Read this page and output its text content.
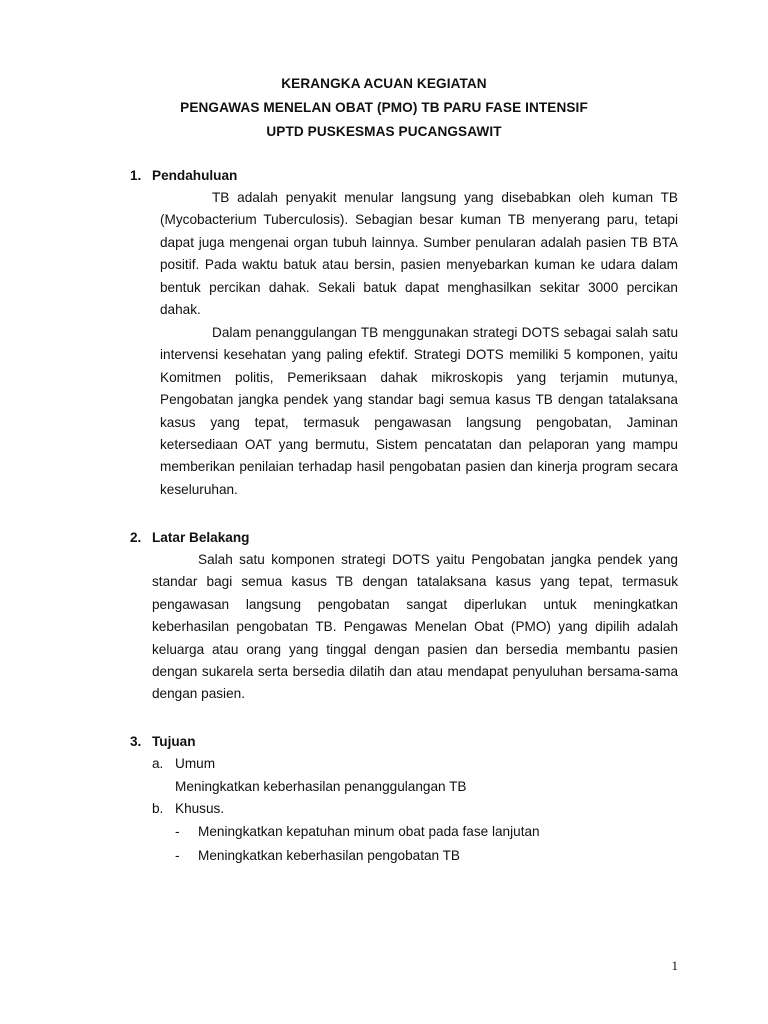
KERANGKA ACUAN KEGIATAN
PENGAWAS MENELAN OBAT (PMO) TB PARU FASE INTENSIF
UPTD PUSKESMAS PUCANGSAWIT
1. Pendahuluan

TB adalah penyakit menular langsung yang disebabkan oleh kuman TB (Mycobacterium Tuberculosis). Sebagian besar kuman TB menyerang paru, tetapi dapat juga mengenai organ tubuh lainnya. Sumber penularan adalah pasien TB BTA positif. Pada waktu batuk atau bersin, pasien menyebarkan kuman ke udara dalam bentuk percikan dahak. Sekali batuk dapat menghasilkan sekitar 3000 percikan dahak.

Dalam penanggulangan TB menggunakan strategi DOTS sebagai salah satu intervensi kesehatan yang paling efektif. Strategi DOTS memiliki 5 komponen, yaitu Komitmen politis, Pemeriksaan dahak mikroskopis yang terjamin mutunya, Pengobatan jangka pendek yang standar bagi semua kasus TB dengan tatalaksana kasus yang tepat, termasuk pengawasan langsung pengobatan, Jaminan ketersediaan OAT yang bermutu, Sistem pencatatan dan pelaporan yang mampu memberikan penilaian terhadap hasil pengobatan pasien dan kinerja program secara keseluruhan.

2. Latar Belakang

Salah satu komponen strategi DOTS yaitu Pengobatan jangka pendek yang standar bagi semua kasus TB dengan tatalaksana kasus yang tepat, termasuk pengawasan langsung pengobatan sangat diperlukan untuk meningkatkan keberhasilan pengobatan TB. Pengawas Menelan Obat (PMO) yang dipilih adalah keluarga atau orang yang tinggal dengan pasien dan bersedia membantu pasien dengan sukarela serta bersedia dilatih dan atau mendapat penyuluhan bersama-sama dengan pasien.

3. Tujuan
a. Umum
Meningkatkan keberhasilan penanggulangan TB
b. Khusus.
- Meningkatkan kepatuhan minum obat pada fase lanjutan
- Meningkatkan keberhasilan pengobatan TB
1
